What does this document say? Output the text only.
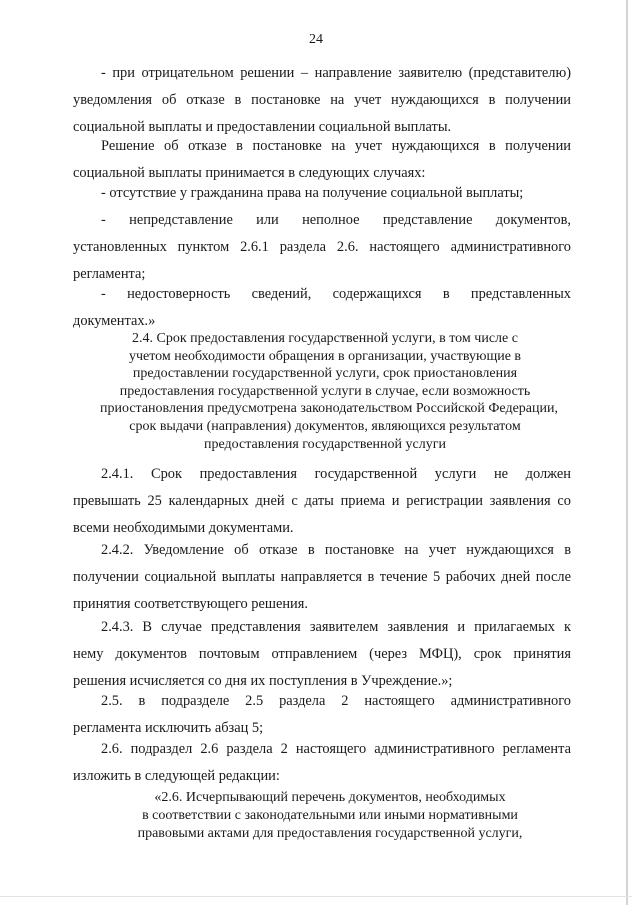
24
- при отрицательном решении – направление заявителю (представителю)
уведомления об отказе в постановке на учет нуждающихся в получении
социальной выплаты и предоставлении социальной выплаты.
Решение об отказе в постановке на учет нуждающихся в получении
социальной выплаты принимается в следующих случаях:
- отсутствие у гражданина права на получение социальной выплаты;
- непредставление или неполное представление документов,
установленных пунктом 2.6.1 раздела 2.6. настоящего административного
регламента;
- недостоверность сведений, содержащихся в представленных
документах.»
2.4. Срок предоставления государственной услуги, в том числе с
учетом необходимости обращения в организации, участвующие в
предоставлении государственной услуги, срок приостановления
предоставления государственной услуги в случае, если возможность
приостановления предусмотрена законодательством Российской Федерации,
срок выдачи (направления) документов, являющихся результатом
предоставления государственной услуги
2.4.1. Срок предоставления государственной услуги не должен
превышать 25 календарных дней с даты приема и регистрации заявления со
всеми необходимыми документами.
2.4.2. Уведомление об отказе в постановке на учет нуждающихся в
получении социальной выплаты направляется в течение 5 рабочих дней после
принятия соответствующего решения.
2.4.3. В случае представления заявителем заявления и прилагаемых к
нему документов почтовым отправлением (через МФЦ), срок принятия
решения исчисляется со дня их поступления в Учреждение.»;
2.5. в подразделе 2.5 раздела 2 настоящего административного
регламента исключить абзац 5;
2.6. подраздел 2.6 раздела 2 настоящего административного регламента
изложить в следующей редакции:
«2.6. Исчерпывающий перечень документов, необходимых
в соответствии с законодательными или иными нормативными
правовыми актами для предоставления государственной услуги,
